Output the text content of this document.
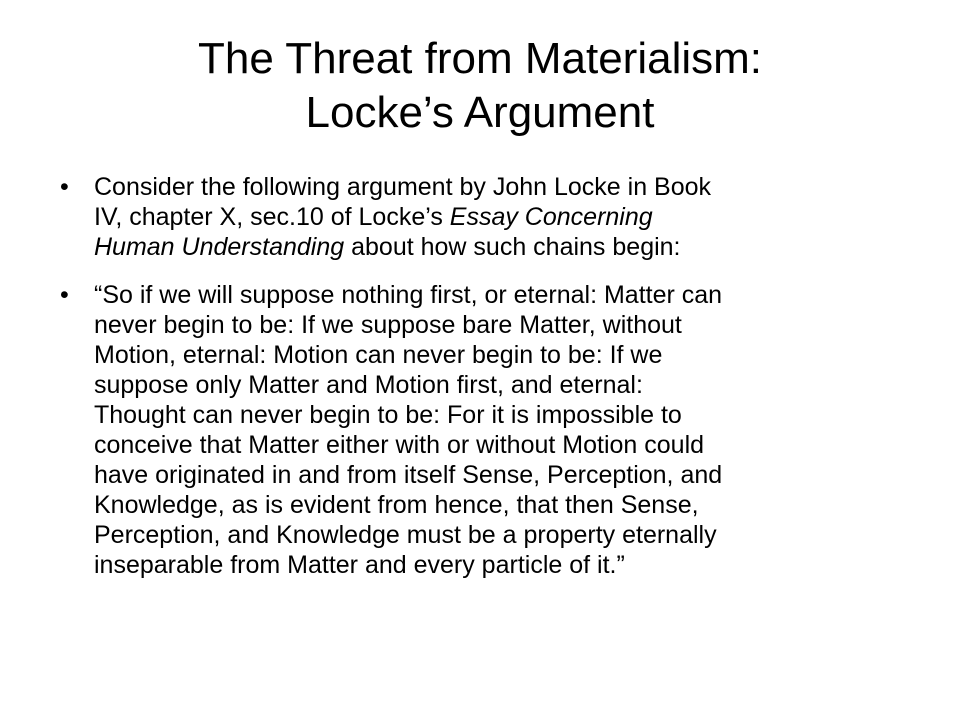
The Threat from Materialism:
Locke’s Argument
• Consider the following argument by John Locke in Book
IV, chapter X, sec.10 of Locke’s Essay Concerning
Human Understanding about how such chains begin:
• “So if we will suppose nothing first, or eternal: Matter can
never begin to be: If we suppose bare Matter, without
Motion, eternal: Motion can never begin to be: If we
suppose only Matter and Motion first, and eternal:
Thought can never begin to be: For it is impossible to
conceive that Matter either with or without Motion could
have originated in and from itself Sense, Perception, and
Knowledge, as is evident from hence, that then Sense,
Perception, and Knowledge must be a property eternally
inseparable from Matter and every particle of it.”
